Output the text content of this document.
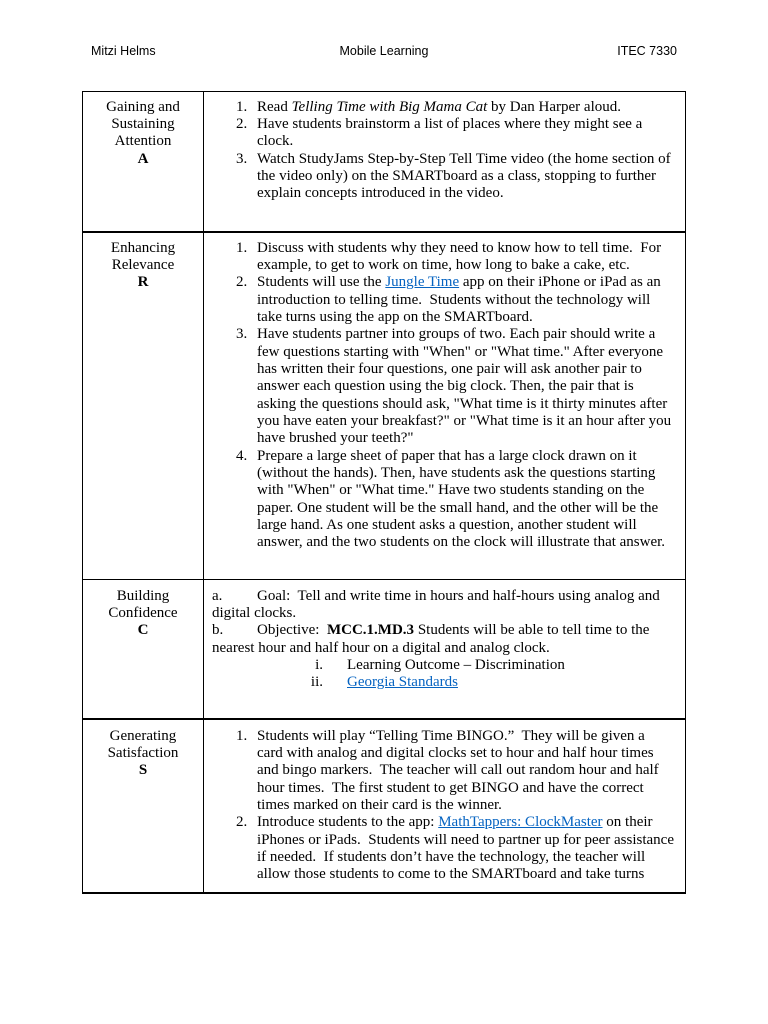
Mitzi Helms	Mobile Learning	ITEC 7330
Gaining and
Sustaining
Attention
A
1. Read Telling Time with Big Mama Cat by Dan Harper aloud.
2. Have students brainstorm a list of places where they might see a
clock.
3. Watch StudyJams Step-by-Step Tell Time video (the home section of
the video only) on the SMARTboard as a class, stopping to further
explain concepts introduced in the video.
Enhancing
Relevance
R
1. Discuss with students why they need to know how to tell time.  For
example, to get to work on time, how long to bake a cake, etc.
2. Students will use the Jungle Time app on their iPhone or iPad as an
introduction to telling time.  Students without the technology will
take turns using the app on the SMARTboard.
3. Have students partner into groups of two. Each pair should write a
few questions starting with "When" or "What time." After everyone
has written their four questions, one pair will ask another pair to
answer each question using the big clock. Then, the pair that is
asking the questions should ask, "What time is it thirty minutes after
you have eaten your breakfast?" or "What time is it an hour after you
have brushed your teeth?"
4. Prepare a large sheet of paper that has a large clock drawn on it
(without the hands). Then, have students ask the questions starting
with "When" or "What time." Have two students standing on the
paper. One student will be the small hand, and the other will be the
large hand. As one student asks a question, another student will
answer, and the two students on the clock will illustrate that answer.
Building
Confidence
C
a. Goal:  Tell and write time in hours and half-hours using analog and
digital clocks.
b. Objective:  MCC.1.MD.3 Students will be able to tell time to the
nearest hour and half hour on a digital and analog clock.
i. Learning Outcome – Discrimination
ii. Georgia Standards
Generating
Satisfaction
S
1. Students will play “Telling Time BINGO.”  They will be given a
card with analog and digital clocks set to hour and half hour times
and bingo markers.  The teacher will call out random hour and half
hour times.  The first student to get BINGO and have the correct
times marked on their card is the winner.
2. Introduce students to the app: MathTappers: ClockMaster on their
iPhones or iPads.  Students will need to partner up for peer assistance
if needed.  If students don’t have the technology, the teacher will
allow those students to come to the SMARTboard and take turns
